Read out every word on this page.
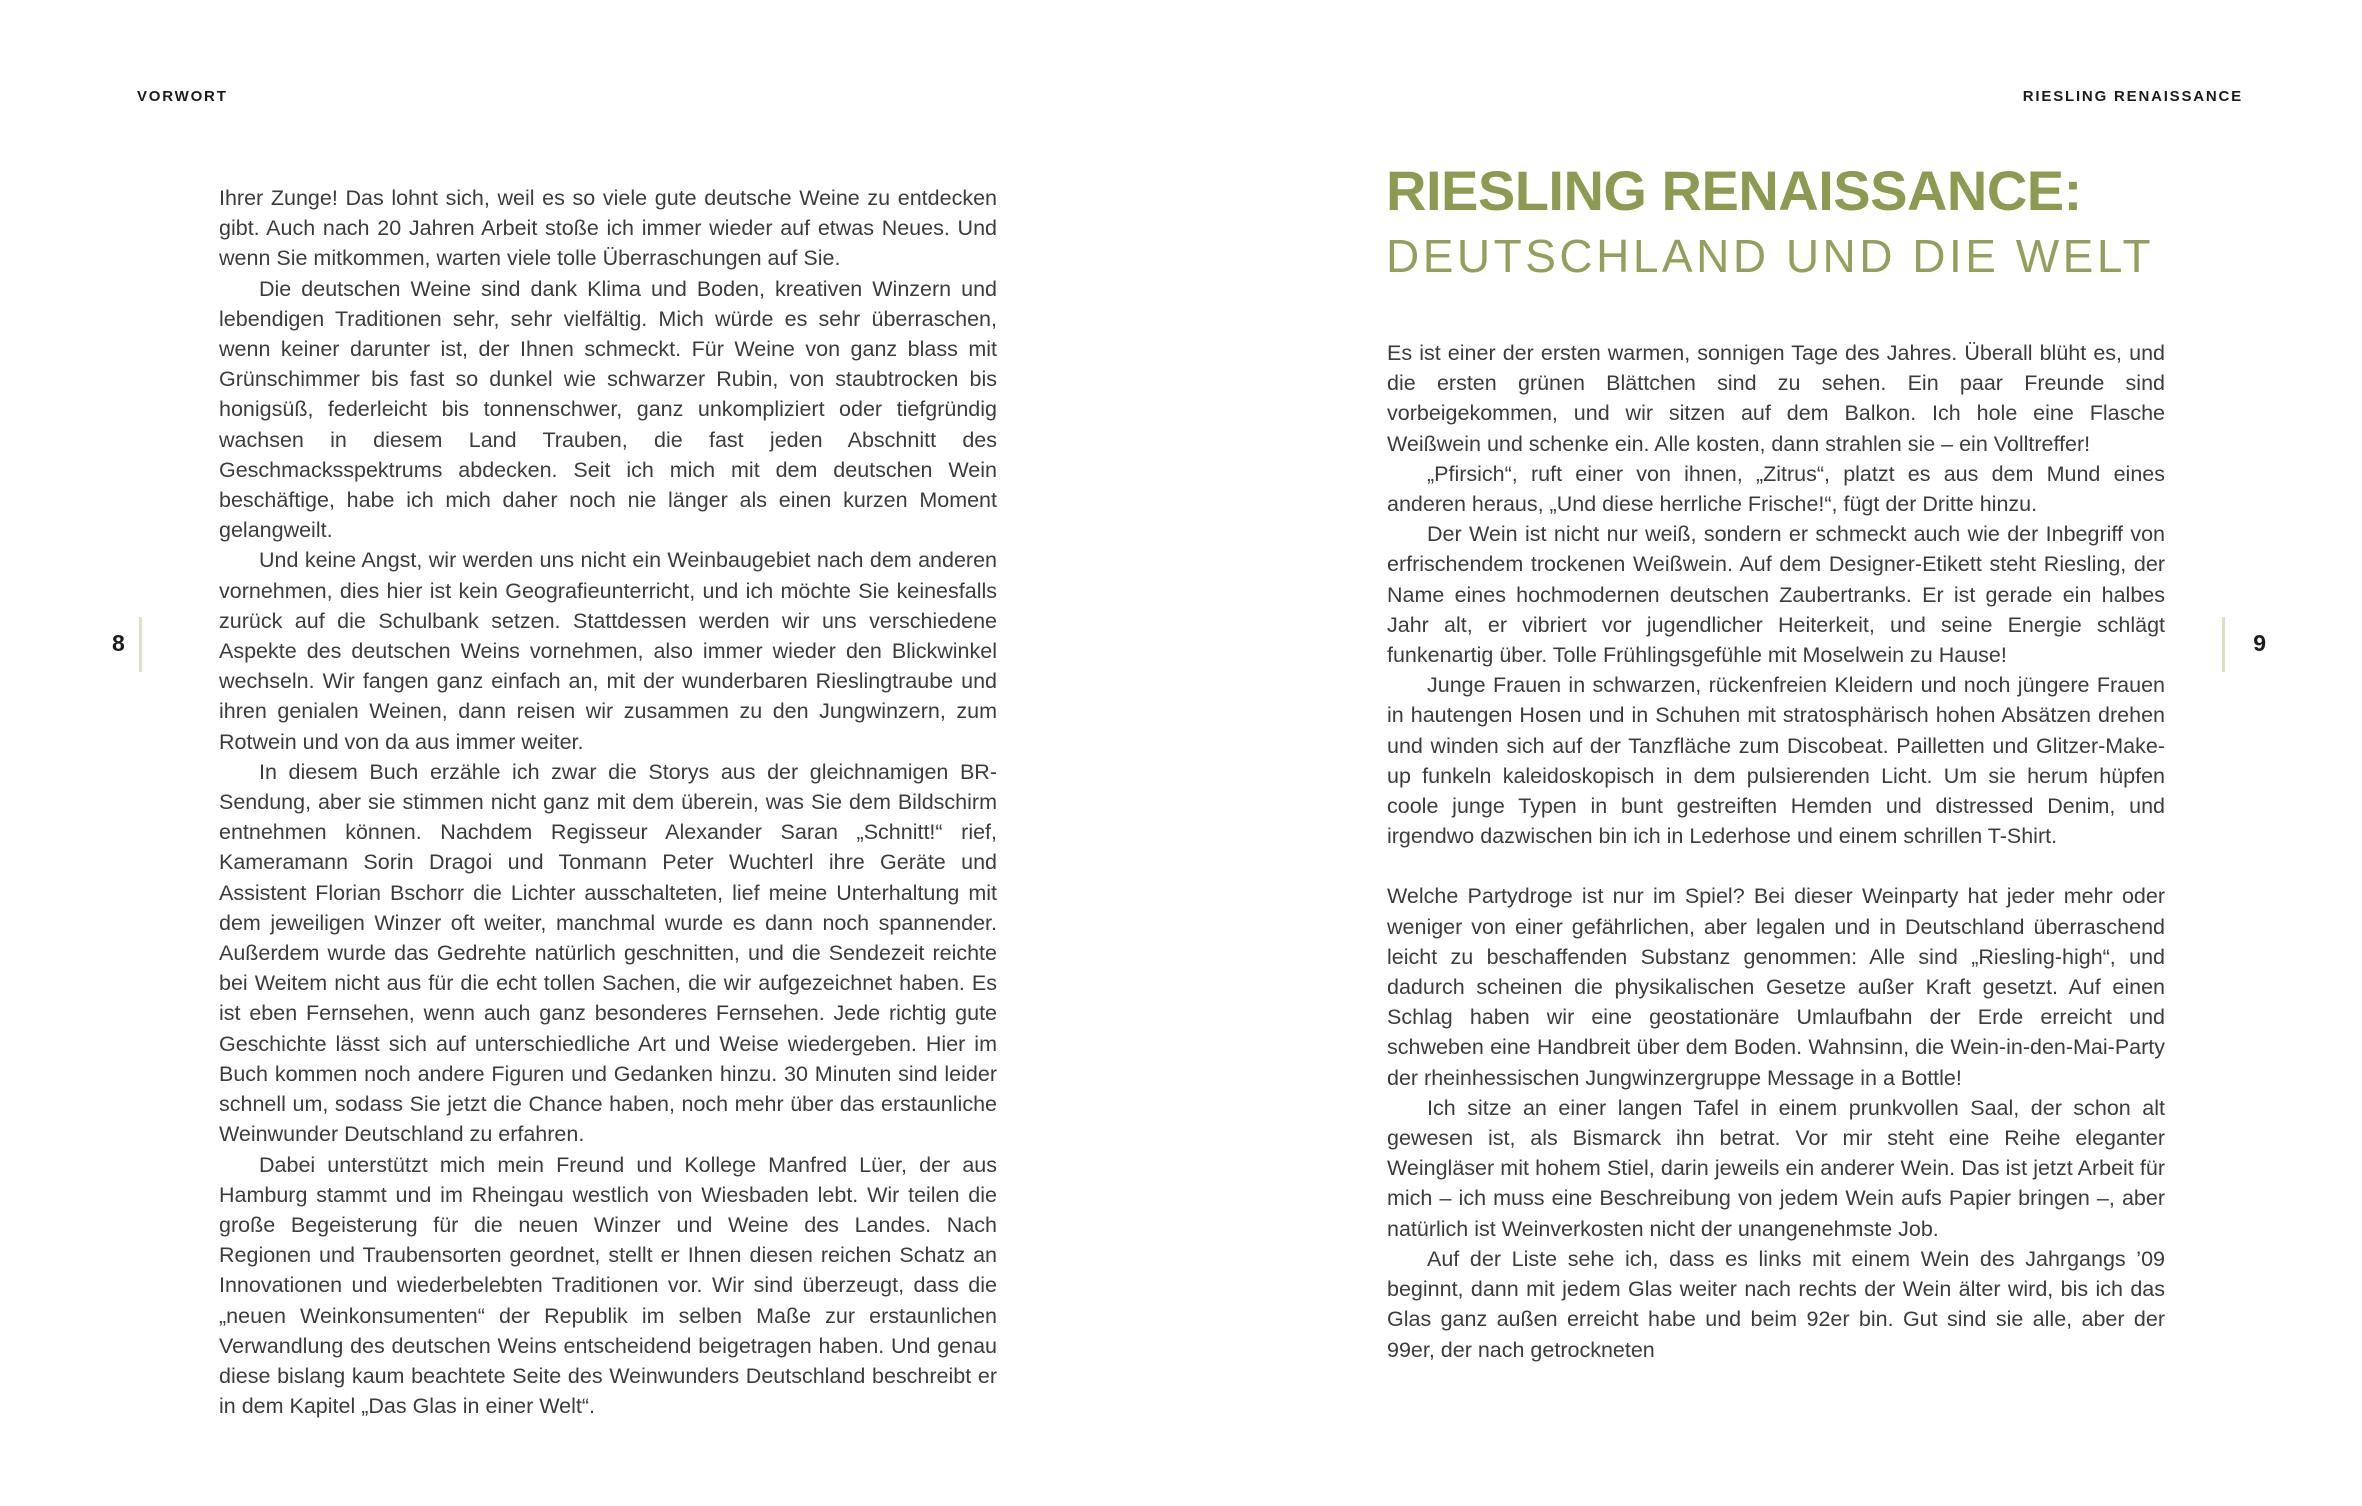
VORWORT
8

Ihrer Zunge! Das lohnt sich, weil es so viele gute deutsche Weine zu entdecken gibt. Auch nach 20 Jahren Arbeit stoße ich immer wieder auf etwas Neues. Und wenn Sie mitkommen, warten viele tolle Überraschungen auf Sie.

Die deutschen Weine sind dank Klima und Boden, kreativen Winzern und lebendigen Traditionen sehr, sehr vielfältig. Mich würde es sehr überraschen, wenn keiner darunter ist, der Ihnen schmeckt. Für Weine von ganz blass mit Grünschimmer bis fast so dunkel wie schwarzer Rubin, von staubtrocken bis honigsüß, federleicht bis tonnenschwer, ganz unkompliziert oder tiefgründig wachsen in diesem Land Trauben, die fast jeden Abschnitt des Geschmacksspektrums abdecken. Seit ich mich mit dem deutschen Wein beschäftige, habe ich mich daher noch nie länger als einen kurzen Moment gelangweilt.

Und keine Angst, wir werden uns nicht ein Weinbaugebiet nach dem anderen vornehmen, dies hier ist kein Geografieunterricht, und ich möchte Sie keinesfalls zurück auf die Schulbank setzen. Stattdessen werden wir uns verschiedene Aspekte des deutschen Weins vornehmen, also immer wieder den Blickwinkel wechseln. Wir fangen ganz einfach an, mit der wunderbaren Rieslingtraube und ihren genialen Weinen, dann reisen wir zusammen zu den Jungwinzern, zum Rotwein und von da aus immer weiter.

In diesem Buch erzähle ich zwar die Storys aus der gleichnamigen BR-Sendung, aber sie stimmen nicht ganz mit dem überein, was Sie dem Bildschirm entnehmen können. Nachdem Regisseur Alexander Saran „Schnitt!“ rief, Kameramann Sorin Dragoi und Tonmann Peter Wuchterl ihre Geräte und Assistent Florian Bschorr die Lichter ausschalteten, lief meine Unterhaltung mit dem jeweiligen Winzer oft weiter, manchmal wurde es dann noch spannender. Außerdem wurde das Gedrehte natürlich geschnitten, und die Sendezeit reichte bei Weitem nicht aus für die echt tollen Sachen, die wir aufgezeichnet haben. Es ist eben Fernsehen, wenn auch ganz besonderes Fernsehen. Jede richtig gute Geschichte lässt sich auf unterschiedliche Art und Weise wiedergeben. Hier im Buch kommen noch andere Figuren und Gedanken hinzu. 30 Minuten sind leider schnell um, sodass Sie jetzt die Chance haben, noch mehr über das erstaunliche Weinwunder Deutschland zu erfahren.

Dabei unterstützt mich mein Freund und Kollege Manfred Lüer, der aus Hamburg stammt und im Rheingau westlich von Wiesbaden lebt. Wir teilen die große Begeisterung für die neuen Winzer und Weine des Landes. Nach Regionen und Traubensorten geordnet, stellt er Ihnen diesen reichen Schatz an Innovationen und wiederbelebten Traditionen vor. Wir sind überzeugt, dass die „neuen Weinkonsumenten“ der Republik im selben Maße zur erstaunlichen Verwandlung des deutschen Weins entscheidend beigetragen haben. Und genau diese bislang kaum beachtete Seite des Weinwunders Deutschland beschreibt er in dem Kapitel „Das Glas in einer Welt“.

RIESLING RENAISSANCE
RIESLING RENAISSANCE:
DEUTSCHLAND UND DIE WELT
9

Es ist einer der ersten warmen, sonnigen Tage des Jahres. Überall blüht es, und die ersten grünen Blättchen sind zu sehen. Ein paar Freunde sind vorbeigekommen, und wir sitzen auf dem Balkon. Ich hole eine Flasche Weißwein und schenke ein. Alle kosten, dann strahlen sie – ein Volltreffer!

„Pfirsich“, ruft einer von ihnen, „Zitrus“, platzt es aus dem Mund eines anderen heraus, „Und diese herrliche Frische!“, fügt der Dritte hinzu.

Der Wein ist nicht nur weiß, sondern er schmeckt auch wie der Inbegriff von erfrischendem trockenen Weißwein. Auf dem Designer-Etikett steht Riesling, der Name eines hochmodernen deutschen Zaubertranks. Er ist gerade ein halbes Jahr alt, er vibriert vor jugendlicher Heiterkeit, und seine Energie schlägt funkenartig über. Tolle Frühlingsgefühle mit Moselwein zu Hause!

Junge Frauen in schwarzen, rückenfreien Kleidern und noch jüngere Frauen in hautengen Hosen und in Schuhen mit stratosphärisch hohen Absätzen drehen und winden sich auf der Tanzfläche zum Discobeat. Pailletten und Glitzer-Make-up funkeln kaleidoskopisch in dem pulsierenden Licht. Um sie herum hüpfen coole junge Typen in bunt gestreiften Hemden und distressed Denim, und irgendwo dazwischen bin ich in Lederhose und einem schrillen T-Shirt.

Welche Partydroge ist nur im Spiel? Bei dieser Weinparty hat jeder mehr oder weniger von einer gefährlichen, aber legalen und in Deutschland überraschend leicht zu beschaffenden Substanz genommen: Alle sind „Riesling-high“, und dadurch scheinen die physikalischen Gesetze außer Kraft gesetzt. Auf einen Schlag haben wir eine geostationäre Umlaufbahn der Erde erreicht und schweben eine Handbreit über dem Boden. Wahnsinn, die Wein-in-den-Mai-Party der rheinhessischen Jungwinzergruppe Message in a Bottle!

Ich sitze an einer langen Tafel in einem prunkvollen Saal, der schon alt gewesen ist, als Bismarck ihn betrat. Vor mir steht eine Reihe eleganter Weingläser mit hohem Stiel, darin jeweils ein anderer Wein. Das ist jetzt Arbeit für mich – ich muss eine Beschreibung von jedem Wein aufs Papier bringen –, aber natürlich ist Weinverkosten nicht der unangenehmste Job.

Auf der Liste sehe ich, dass es links mit einem Wein des Jahrgangs ’09 beginnt, dann mit jedem Glas weiter nach rechts der Wein älter wird, bis ich das Glas ganz außen erreicht habe und beim 92er bin. Gut sind sie alle, aber der 99er, der nach getrockneten
